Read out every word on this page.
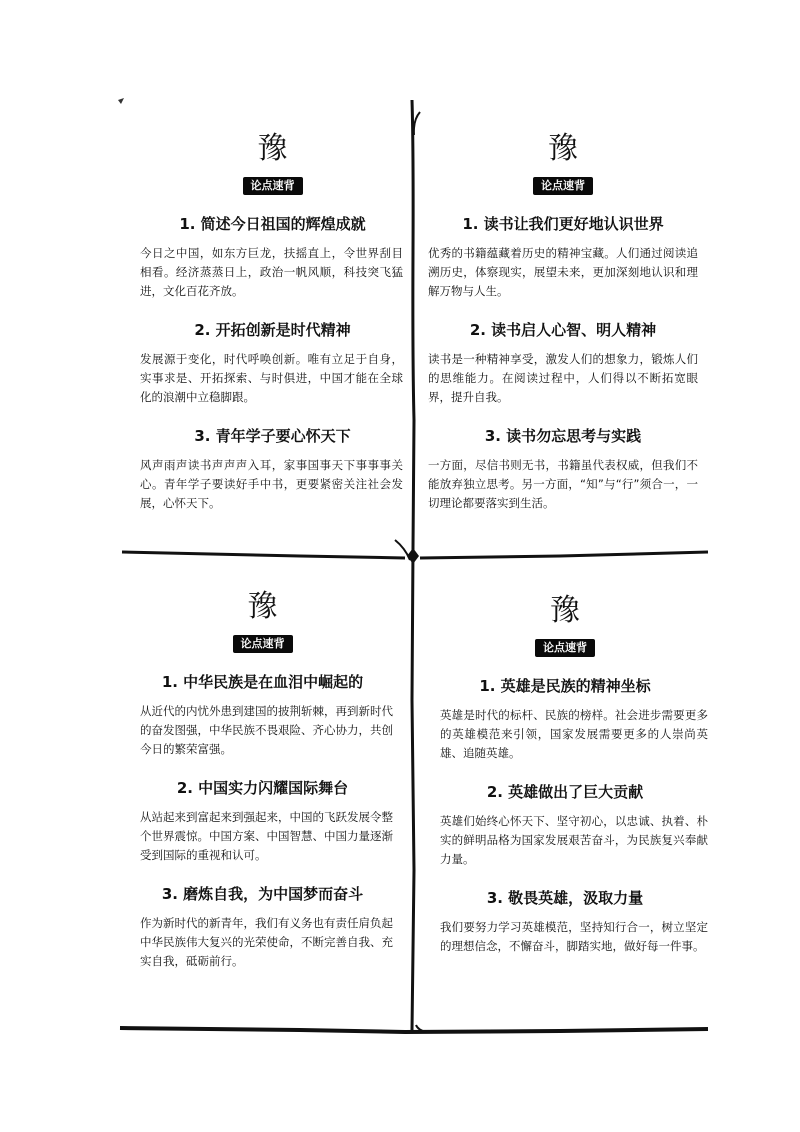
豫
论点速背
1. 简述今日祖国的辉煌成就
今日之中国，如东方巨龙，扶摇直上，令世界刮目相看。经济蒸蒸日上，政治一帆风顺，科技突飞猛进，文化百花齐放。
2. 开拓创新是时代精神
发展源于变化，时代呼唤创新。唯有立足于自身，实事求是、开拓探索、与时俱进，中国才能在全球化的浪潮中立稳脚跟。
3. 青年学子要心怀天下
风声雨声读书声声声入耳，家事国事天下事事事关心。青年学子要读好手中书，更要紧密关注社会发展，心怀天下。
豫
论点速背
1. 读书让我们更好地认识世界
优秀的书籍蕴藏着历史的精神宝藏。人们通过阅读追溯历史，体察现实，展望未来，更加深刻地认识和理解万物与人生。
2. 读书启人心智、明人精神
读书是一种精神享受，激发人们的想象力，锻炼人们的思维能力。在阅读过程中，人们得以不断拓宽眼界，提升自我。
3. 读书勿忘思考与实践
一方面，尽信书则无书，书籍虽代表权威，但我们不能放弃独立思考。另一方面，“知”与“行”须合一，一切理论都要落实到生活。
豫
论点速背
1. 中华民族是在血泪中崛起的
从近代的内忧外患到建国的披荆斩棘，再到新时代的奋发图强，中华民族不畏艰险、齐心协力，共创今日的繁荣富强。
2. 中国实力闪耀国际舞台
从站起来到富起来到强起来，中国的飞跃发展令整个世界震惊。中国方案、中国智慧、中国力量逐渐受到国际的重视和认可。
3. 磨炼自我，为中国梦而奋斗
作为新时代的新青年，我们有义务也有责任肩负起中华民族伟大复兴的光荣使命，不断完善自我、充实自我，砥砺前行。
豫
论点速背
1. 英雄是民族的精神坐标
英雄是时代的标杆、民族的榜样。社会进步需要更多的英雄模范来引领，国家发展需要更多的人崇尚英雄、追随英雄。
2. 英雄做出了巨大贡献
英雄们始终心怀天下、坚守初心，以忠诚、执着、朴实的鲜明品格为国家发展艰苦奋斗，为民族复兴奉献力量。
3. 敬畏英雄，汲取力量
我们要努力学习英雄模范，坚持知行合一，树立坚定的理想信念，不懈奋斗，脚踏实地，做好每一件事。
